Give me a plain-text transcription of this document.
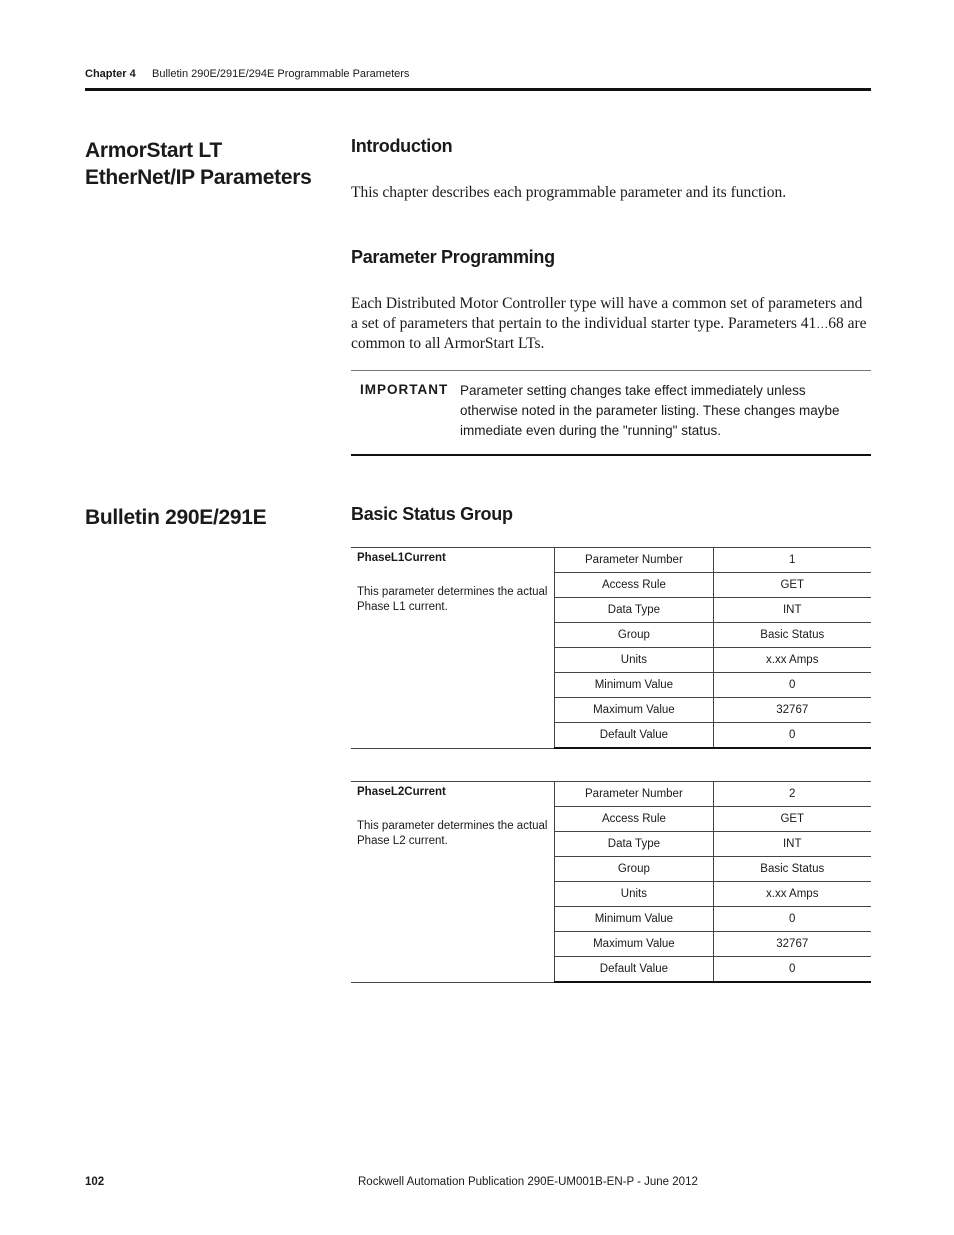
Chapter 4 Bulletin 290E/291E/294E Programmable Parameters
ArmorStart LT EtherNet/IP Parameters
Introduction
This chapter describes each programmable parameter and its function.
Parameter Programming
Each Distributed Motor Controller type will have a common set of parameters and a set of parameters that pertain to the individual starter type. Parameters 41…68 are common to all ArmorStart LTs.
IMPORTANT Parameter setting changes take effect immediately unless otherwise noted in the parameter listing. These changes maybe immediate even during the "running" status.
Bulletin 290E/291E	Basic Status Group
PhaseL1Current
This parameter determines the actual Phase L1 current.	Parameter Number	1
	Access Rule	GET
	Data Type	INT
	Group	Basic Status
	Units	x.xx Amps
	Minimum Value	0
	Maximum Value	32767
	Default Value	0
PhaseL2Current
This parameter determines the actual Phase L2 current.	Parameter Number	2
	Access Rule	GET
	Data Type	INT
	Group	Basic Status
	Units	x.xx Amps
	Minimum Value	0
	Maximum Value	32767
	Default Value	0
102	Rockwell Automation Publication 290E-UM001B-EN-P - June 2012
